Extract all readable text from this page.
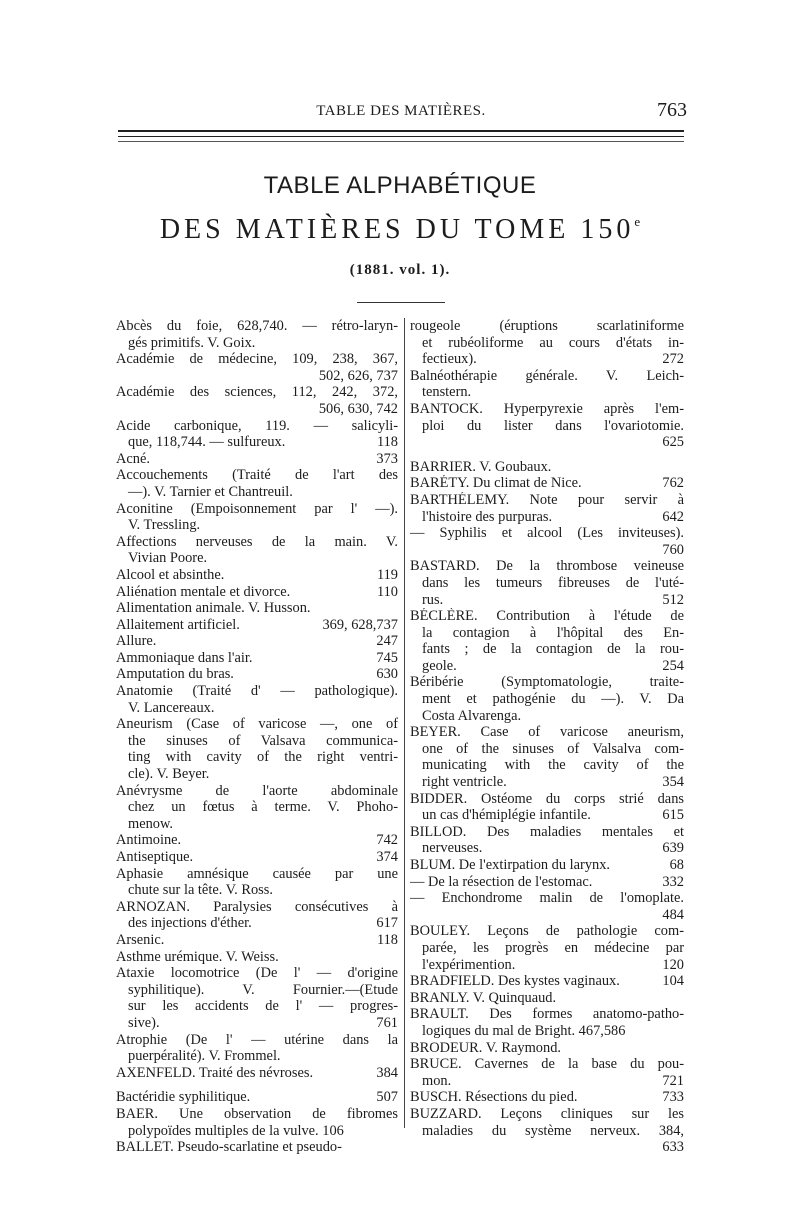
TABLE DES MATIÈRES.	763
TABLE ALPHABÉTIQUE
DES MATIÈRES DU TOME 150e
(1881. vol. 1).
Abcès du foie, 628,740. — rétro-laryn-
gés primitifs. V. Goix.
Académie de médecine, 109, 238, 367,
502, 626, 737
Académie des sciences, 112, 242, 372,
506, 630, 742
Acide carbonique, 119. — salicyli-
que, 118,744. — sulfureux.	118
Acné.	373
Accouchements (Traité de l'art des
—). V. Tarnier et Chantreuil.
Aconitine (Empoisonnement par l' —).
V. Tressling.
Affections nerveuses de la main. V.
Vivian Poore.
Alcool et absinthe.	119
Aliénation mentale et divorce.	110
Alimentation animale. V. Husson.
Allaitement artificiel.	369, 628,737
Allure.	247
Ammoniaque dans l'air.	745
Amputation du bras.	630
Anatomie (Traité d' — pathologique).
V. Lancereaux.
Aneurism (Case of varicose —, one of
the sinuses of Valsava communica-
ting with cavity of the right ventri-
cle). V. Beyer.
Anévrysme de l'aorte abdominale
chez un fœtus à terme. V. Phoho-
menow.
Antimoine.	742
Antiseptique.	374
Aphasie amnésique causée par une
chute sur la tête. V. Ross.
ARNOZAN. Paralysies consécutives à
des injections d'éther.	617
Arsenic.	118
Asthme urémique. V. Weiss.
Ataxie locomotrice (De l' — d'origine
syphilitique). V. Fournier.—(Etude
sur les accidents de l' — progres-
sive).	761
Atrophie (De l' — utérine dans la
puerpéralité). V. Frommel.
AXENFELD. Traité des névroses.	384
Bactéridie syphilitique.	507
BAER. Une observation de fibromes
polypoïdes multiples de la vulve. 106
BALLET. Pseudo-scarlatine et pseudo-
rougeole (éruptions scarlatiniforme
et rubéoliforme au cours d'états in-
fectieux).	272
Balnéothérapie générale. V. Leich-
tenstern.
BANTOCK. Hyperpyrexie après l'em-
ploi du lister dans l'ovariotomie.
625
BARRIER. V. Goubaux.
BARÉTY. Du climat de Nice.	762
BARTHÉLEMY. Note pour servir à
l'histoire des purpuras.	642
— Syphilis et alcool (Les inviteuses).
760
BASTARD. De la thrombose veineuse
dans les tumeurs fibreuses de l'uté-
rus.	512
BÉCLÈRE. Contribution à l'étude de
la contagion à l'hôpital des En-
fants ; de la contagion de la rou-
geole.	254
Béribérie (Symptomatologie, traite-
ment et pathogénie du —). V. Da
Costa Alvarenga.
BEYER. Case of varicose aneurism,
one of the sinuses of Valsalva com-
municating with the cavity of the
right ventricle.	354
BIDDER. Ostéome du corps strié dans
un cas d'hémiplégie infantile.	615
BILLOD. Des maladies mentales et
nerveuses.	639
BLUM. De l'extirpation du larynx.	68
— De la résection de l'estomac.	332
— Enchondrome malin de l'omoplate.
484
BOULEY. Leçons de pathologie com-
parée, les progrès en médecine par
l'expérimention.	120
BRADFIELD. Des kystes vaginaux.	104
BRANLY. V. Quinquaud.
BRAULT. Des formes anatomo-patho-
logiques du mal de Bright. 467,586
BRODEUR. V. Raymond.
BRUCE. Cavernes de la base du pou-
mon.	721
BUSCH. Résections du pied.	733
BUZZARD. Leçons cliniques sur les
maladies du système nerveux. 384,
633
